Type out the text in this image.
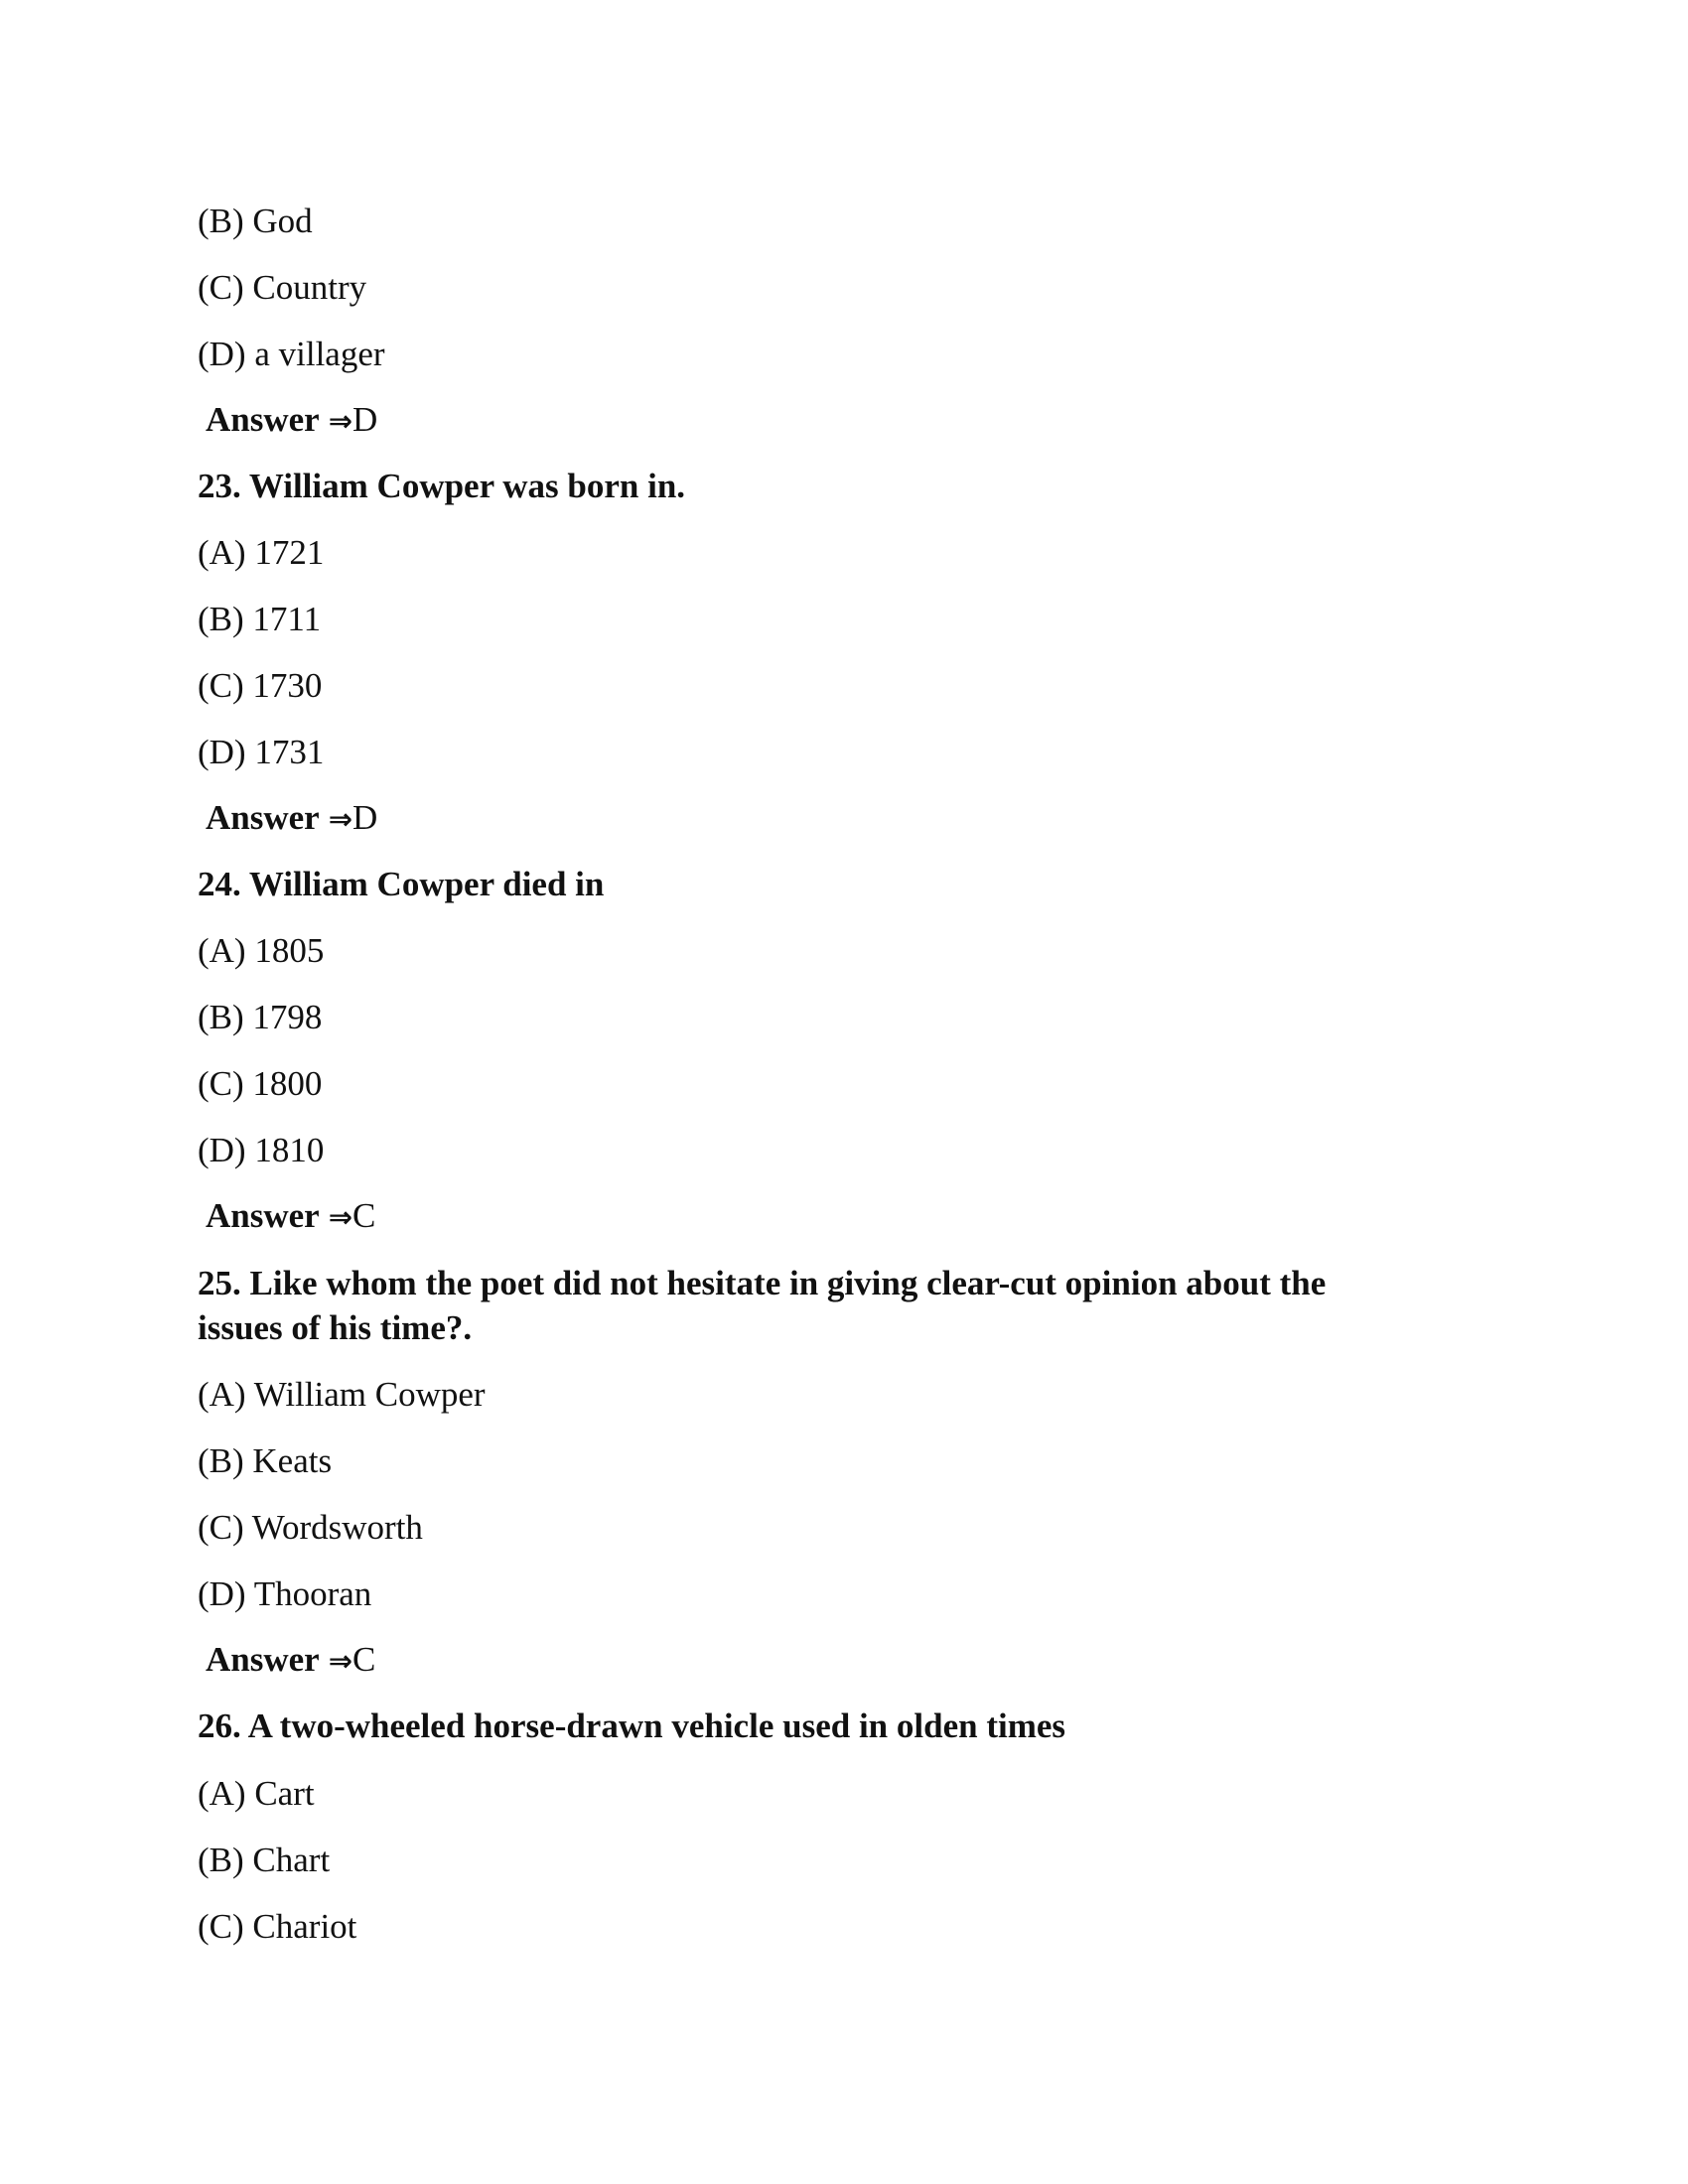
(B) God
(C) Country
(D) a villager
Answer ⇒D
23. William Cowper was born in.
(A) 1721
(B) 1711
(C) 1730
(D) 1731
Answer ⇒D
24. William Cowper died in
(A) 1805
(B) 1798
(C) 1800
(D) 1810
Answer ⇒C
25. Like whom the poet did not hesitate in giving clear-cut opinion about the
issues of his time?.
(A) William Cowper
(B) Keats
(C) Wordsworth
(D) Thooran
Answer ⇒C
26. A two-wheeled horse-drawn vehicle used in olden times
(A) Cart
(B) Chart
(C) Chariot
